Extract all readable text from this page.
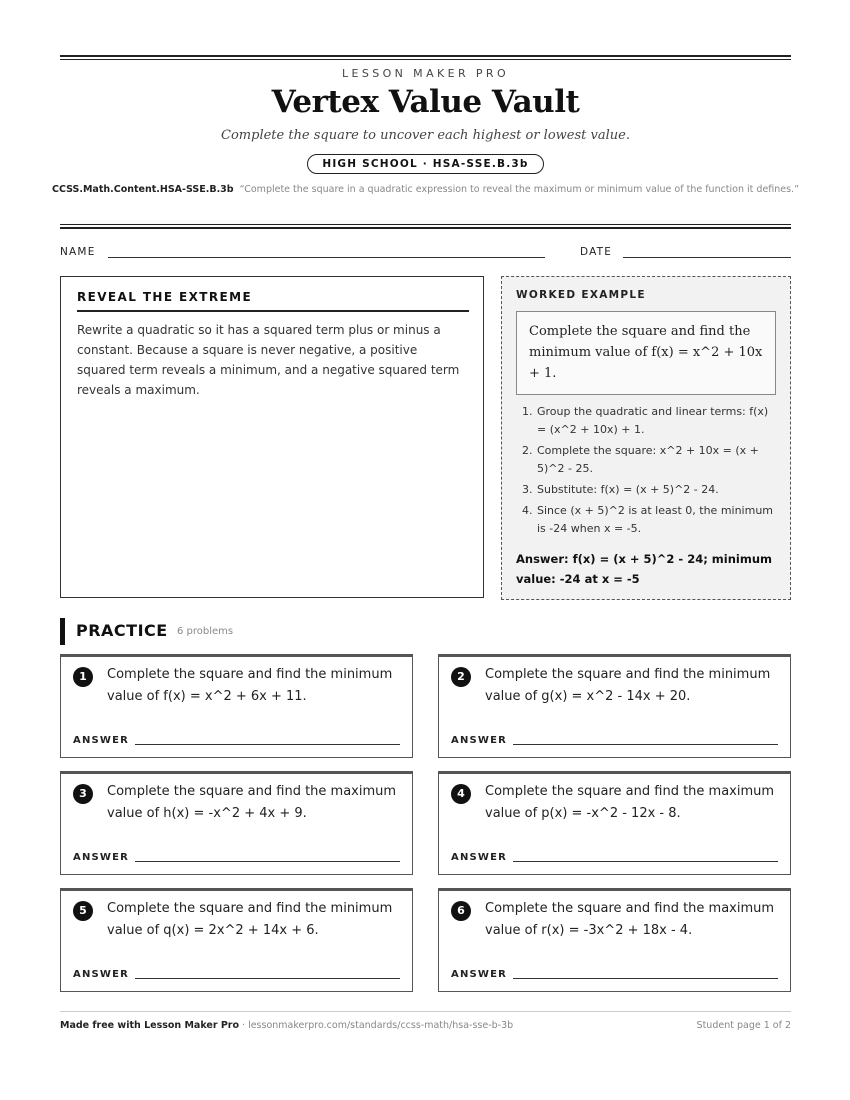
LESSON MAKER PRO
Vertex Value Vault
Complete the square to uncover each highest or lowest value.
HIGH SCHOOL · HSA-SSE.B.3b
CCSS.Math.Content.HSA-SSE.B.3b “Complete the square in a quadratic expression to reveal the maximum or minimum value of the function it defines.”
NAME	DATE
REVEAL THE EXTREME
Rewrite a quadratic so it has a squared term plus or minus a constant. Because a square is never negative, a positive squared term reveals a minimum, and a negative squared term reveals a maximum.
WORKED EXAMPLE
Complete the square and find the minimum value of f(x) = x^2 + 10x + 1.
1. Group the quadratic and linear terms: f(x) = (x^2 + 10x) + 1.
2. Complete the square: x^2 + 10x = (x + 5)^2 - 25.
3. Substitute: f(x) = (x + 5)^2 - 24.
4. Since (x + 5)^2 is at least 0, the minimum is -24 when x = -5.
Answer: f(x) = (x + 5)^2 - 24; minimum value: -24 at x = -5
PRACTICE 6 problems
1	Complete the square and find the minimum value of f(x) = x^2 + 6x + 11.
ANSWER
2	Complete the square and find the minimum value of g(x) = x^2 - 14x + 20.
ANSWER
3	Complete the square and find the maximum value of h(x) = -x^2 + 4x + 9.
ANSWER
4	Complete the square and find the maximum value of p(x) = -x^2 - 12x - 8.
ANSWER
5	Complete the square and find the minimum value of q(x) = 2x^2 + 14x + 6.
ANSWER
6	Complete the square and find the maximum value of r(x) = -3x^2 + 18x - 4.
ANSWER
Made free with Lesson Maker Pro · lessonmakerpro.com/standards/ccss-math/hsa-sse-b-3b	Student page 1 of 2
